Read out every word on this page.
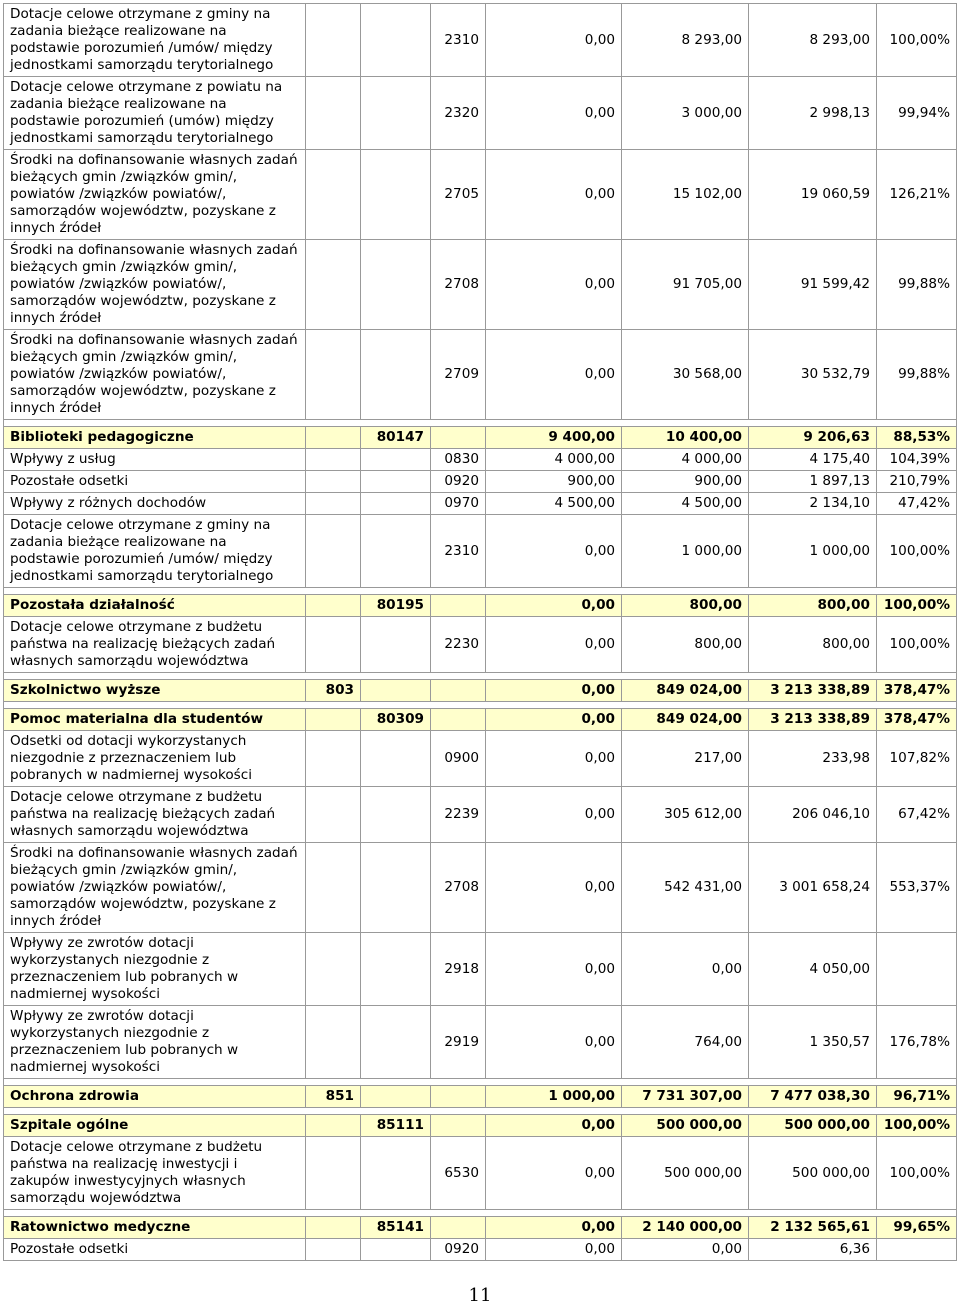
Dotacje celowe otrzymane z gminy na zadania bieżące realizowane na podstawie porozumień /umów/ między jednostkami samorządu terytorialnego			2310	0,00	8 293,00	8 293,00	100,00%
Dotacje celowe otrzymane z powiatu na zadania bieżące realizowane na podstawie porozumień (umów) między jednostkami samorządu terytorialnego			2320	0,00	3 000,00	2 998,13	99,94%
Środki na dofinansowanie własnych zadań bieżących gmin /związków gmin/, powiatów /związków powiatów/, samorządów województw, pozyskane z innych źródeł			2705	0,00	15 102,00	19 060,59	126,21%
Środki na dofinansowanie własnych zadań bieżących gmin /związków gmin/, powiatów /związków powiatów/, samorządów województw, pozyskane z innych źródeł			2708	0,00	91 705,00	91 599,42	99,88%
Środki na dofinansowanie własnych zadań bieżących gmin /związków gmin/, powiatów /związków powiatów/, samorządów województw, pozyskane z innych źródeł			2709	0,00	30 568,00	30 532,79	99,88%

Biblioteki pedagogiczne		80147		9 400,00	10 400,00	9 206,63	88,53%
Wpływy z usług			0830	4 000,00	4 000,00	4 175,40	104,39%
Pozostałe odsetki			0920	900,00	900,00	1 897,13	210,79%
Wpływy z różnych dochodów			0970	4 500,00	4 500,00	2 134,10	47,42%
Dotacje celowe otrzymane z gminy na zadania bieżące realizowane na podstawie porozumień /umów/ między jednostkami samorządu terytorialnego			2310	0,00	1 000,00	1 000,00	100,00%

Pozostała działalność		80195		0,00	800,00	800,00	100,00%
Dotacje celowe otrzymane z budżetu państwa na realizację bieżących zadań własnych samorządu województwa			2230	0,00	800,00	800,00	100,00%

Szkolnictwo wyższe	803			0,00	849 024,00	3 213 338,89	378,47%

Pomoc materialna dla studentów		80309		0,00	849 024,00	3 213 338,89	378,47%
Odsetki od dotacji wykorzystanych niezgodnie z przeznaczeniem lub pobranych w nadmiernej wysokości			0900	0,00	217,00	233,98	107,82%
Dotacje celowe otrzymane z budżetu państwa na realizację bieżących zadań własnych samorządu województwa			2239	0,00	305 612,00	206 046,10	67,42%
Środki na dofinansowanie własnych zadań bieżących gmin /związków gmin/, powiatów /związków powiatów/, samorządów województw, pozyskane z innych źródeł			2708	0,00	542 431,00	3 001 658,24	553,37%
Wpływy ze zwrotów dotacji wykorzystanych niezgodnie z przeznaczeniem lub pobranych w nadmiernej wysokości			2918	0,00	0,00	4 050,00	
Wpływy ze zwrotów dotacji wykorzystanych niezgodnie z przeznaczeniem lub pobranych w nadmiernej wysokości			2919	0,00	764,00	1 350,57	176,78%

Ochrona zdrowia	851			1 000,00	7 731 307,00	7 477 038,30	96,71%

Szpitale ogólne		85111		0,00	500 000,00	500 000,00	100,00%
Dotacje celowe otrzymane z budżetu państwa na realizację inwestycji i zakupów inwestycyjnych własnych samorządu województwa			6530	0,00	500 000,00	500 000,00	100,00%

Ratownictwo medyczne		85141		0,00	2 140 000,00	2 132 565,61	99,65%
Pozostałe odsetki			0920	0,00	0,00	6,36	
11
